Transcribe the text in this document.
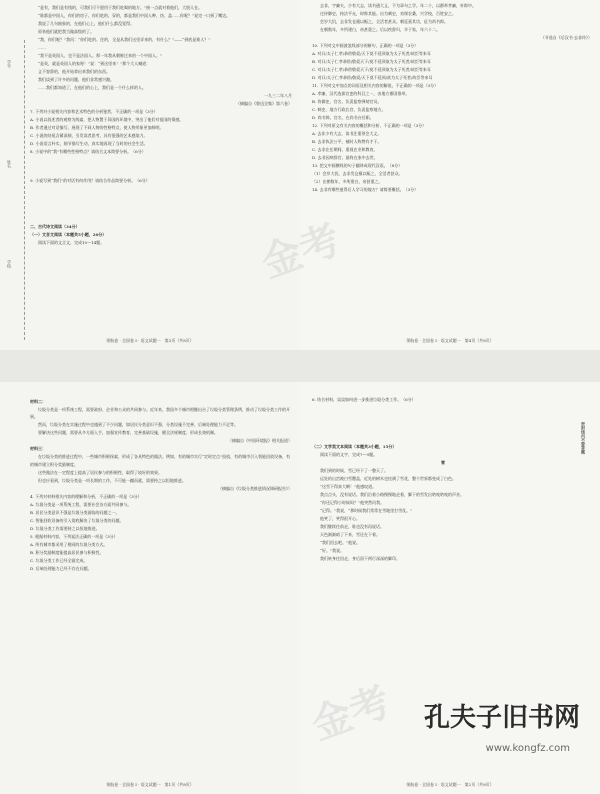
学号
姓名
学校

“是有，我们是有钱的，可我们可不愿用于我们吃喝的地方。”接一点就对着他们，大胆人在。

“谁都是中国人，你们的房子、你们吃的、穿的，都是我们中国人种、纺、盖……你呢？”说完一口到了嘴边。

我说了几句抽象的，在他们心上，他们什么都没觉得。

原来他们就把我当做高级的了。

“我，你们呢？”我问：“你们吃的、住的，全是从我们这里弄来的，有什么？”——“到底是谁人？”

……

“我不是英国人，也不是法国人。那一年我从朝鲜过来的一个中国人。”

“是英，就是英国人的家呀！”说：“到这里来！”那个大人喊道：

义不容辞的，他开始拿出来我们的东西。

我们谈到了许多的问题，他们非常感兴趣。

……我们都知道了，在他们的心上，我们是一个什么样的人。

一九三二年八月

（摘编自《鲁迅全集》第六卷）

7. 下列对小说相关内容和艺术特色的分析鉴赏，不正确的一项是（3分）

A. 小说以叙述者的观察为线索，把人物置于异国的环境中，突出了他们对祖国的情感。

B. 作者通过对话描写，展现了不同人物的性格特点，使人物形象更加鲜明。

C. 小说的结尾含蓄深刻，引发读者思考，具有很强的艺术感染力。

D. 小说语言朴实，细节描写生动，真实地再现了当时的社会生活。

8. 小说中的“我”有哪些性格特点？请结合文本简要分析。（6分）

9. 小说写到“我们”的对话有何作用？请结合作品简要分析。（6分）

二、古代诗文阅读（34分）

（一）文言文阅读（本题共5小题，20分）

阅读下面的文言文，完成10～14题。

领航卷 · 全国卷 Ⅰ · 语文试题一　第3页（共8页）

去非，字廉夫，少有大志，读书通大义，不为章句之学。年二十，以郡举孝廉，补郎中。

迁侍御史，持法平允，时称其能。出为刺史，劝课农桑，兴学校，百姓安之。

会岁大饥，去非发仓廪以赈之，全活者甚众。朝廷嘉其功，征为尚书郎。

在朝数年，多所建白，帝甚重之。后以疾辞归，卒于家，年六十二。

（节选自《后汉书·去非传》）

10. 下列对文中画波浪线部分的断句，正确的一项是（3分）

A. 对曰/太子仁孝/恭俭敬爱/天下莫不延颈欲为太子死者/故臣等来耳

B. 对曰/太子仁孝恭俭/敬爱天下/莫不延颈欲为太子死者/故臣等来耳

C. 对曰/太子仁孝/恭俭敬爱天下/莫不延颈欲为太子死者/故臣等来耳

D. 对曰/太子仁孝恭俭/敬爱/天下莫不延颈/欲为太子死者/故臣等来耳

11. 下列对文中加点的词语及相关内容的解说，不正确的一项是（3分）

A. 孝廉，汉代选拔官吏的科目之一，由地方郡国推举。

B. 侍御史，官名，负责监察弹劾官员。

C. 刺史，地方行政长官，负责监察地方。

D. 尚书郎，官名，在尚书台任职。

12. 下列对原文有关内容的概括和分析，不正确的一项是（3分）

A. 去非少有大志，读书注重领会大义。

B. 去非执法公平，被时人称赞有才干。

C. 去非在任期间，重视农业和教育。

D. 去非因病辞官，最终在家中去世。

13. 把文中画横线的句子翻译成现代汉语。（8分）

（1）会岁大饥，去非发仓廪以赈之，全活者甚众。

（2）在朝数年，多所建白，帝甚重之。

14. 去非有哪些值得后人学习的地方？请简要概括。（3分）

金考
领航卷 · 全国卷 Ⅰ · 语文试题一　第4页（共8页）

材料二：

垃圾分类是一项系统工程，需要政府、企业和公众的共同参与。近年来，我国多个城市相继出台了垃圾分类管理条例，推动了垃圾分类工作的开展。

然而，垃圾分类在实施过程中也遇到了不少问题，如居民分类意识不强、分类设施不完善、后端处理能力不足等。

要解决这些问题，需要从多方面入手，加强宣传教育，完善基础设施，健全法规制度，形成长效机制。

（摘编自《中国环境报》相关报道）

材料三：

在垃圾分类的推进过程中，一些城市积极探索，形成了各具特色的做法。例如，有的城市实行“定时定点”投放，有的城市引入智能回收设备，有的城市建立积分奖励制度。

这些做法在一定程度上提高了居民参与的积极性，取得了较好的效果。

但也应看到，垃圾分类是一项长期的工作，不可能一蹴而就，需要持之以恒地推进。

（摘编自《垃圾分类推进情况调研报告》）

4. 下列对材料相关内容的理解和分析，不正确的一项是（3分）

A. 垃圾分类是一项系统工程，需要社会各方面共同参与。

B. 居民分类意识不强是垃圾分类面临的问题之一。

C. 智能回收设备的引入彻底解决了垃圾分类的问题。

D. 垃圾分类工作需要持之以恒地推进。

5. 根据材料内容，下列说法正确的一项是（3分）

A. 所有城市都采用了相同的垃圾分类方式。

B. 积分奖励制度能提高居民参与积极性。

C. 垃圾分类工作已经全面完成。

D. 后端处理能力已经不存在问题。

领航卷 · 全国卷 Ⅰ · 语文试题一　第1页（共8页）

6. 结合材料，谈谈如何进一步推进垃圾分类工作。（6分）

（二）文学类文本阅读（本题共3小题，15分）

阅读下面的文字，完成7～9题。

雪

我们到的时候，雪已经下了一整天了。

远处的山峦被白雪覆盖，近处的树木也挂满了雪花，整个世界都变成了白色。

“这雪下得真大啊！”他感叹道。

我点点头，没有说话。我们沿着小路慢慢地走着，脚下的雪发出咯吱咯吱的声音。

“你还记得小时候吗？”他突然问我。

“记得。”我说，“那时候我们常常在雪地里打雪仗。”

他笑了，笑得很开心。

我们继续往前走，谁也没有再说话。

天色渐渐暗了下来，雪还在下着。

“我们回去吧。”他说。

“好。”我说。

我们转身往回走，身后留下两行深深的脚印。

密封线内不要答题
金考 孔夫子旧书网
www.kongfz.com
领航卷 · 全国卷 Ⅰ · 语文试题一　第2页（共8页）
